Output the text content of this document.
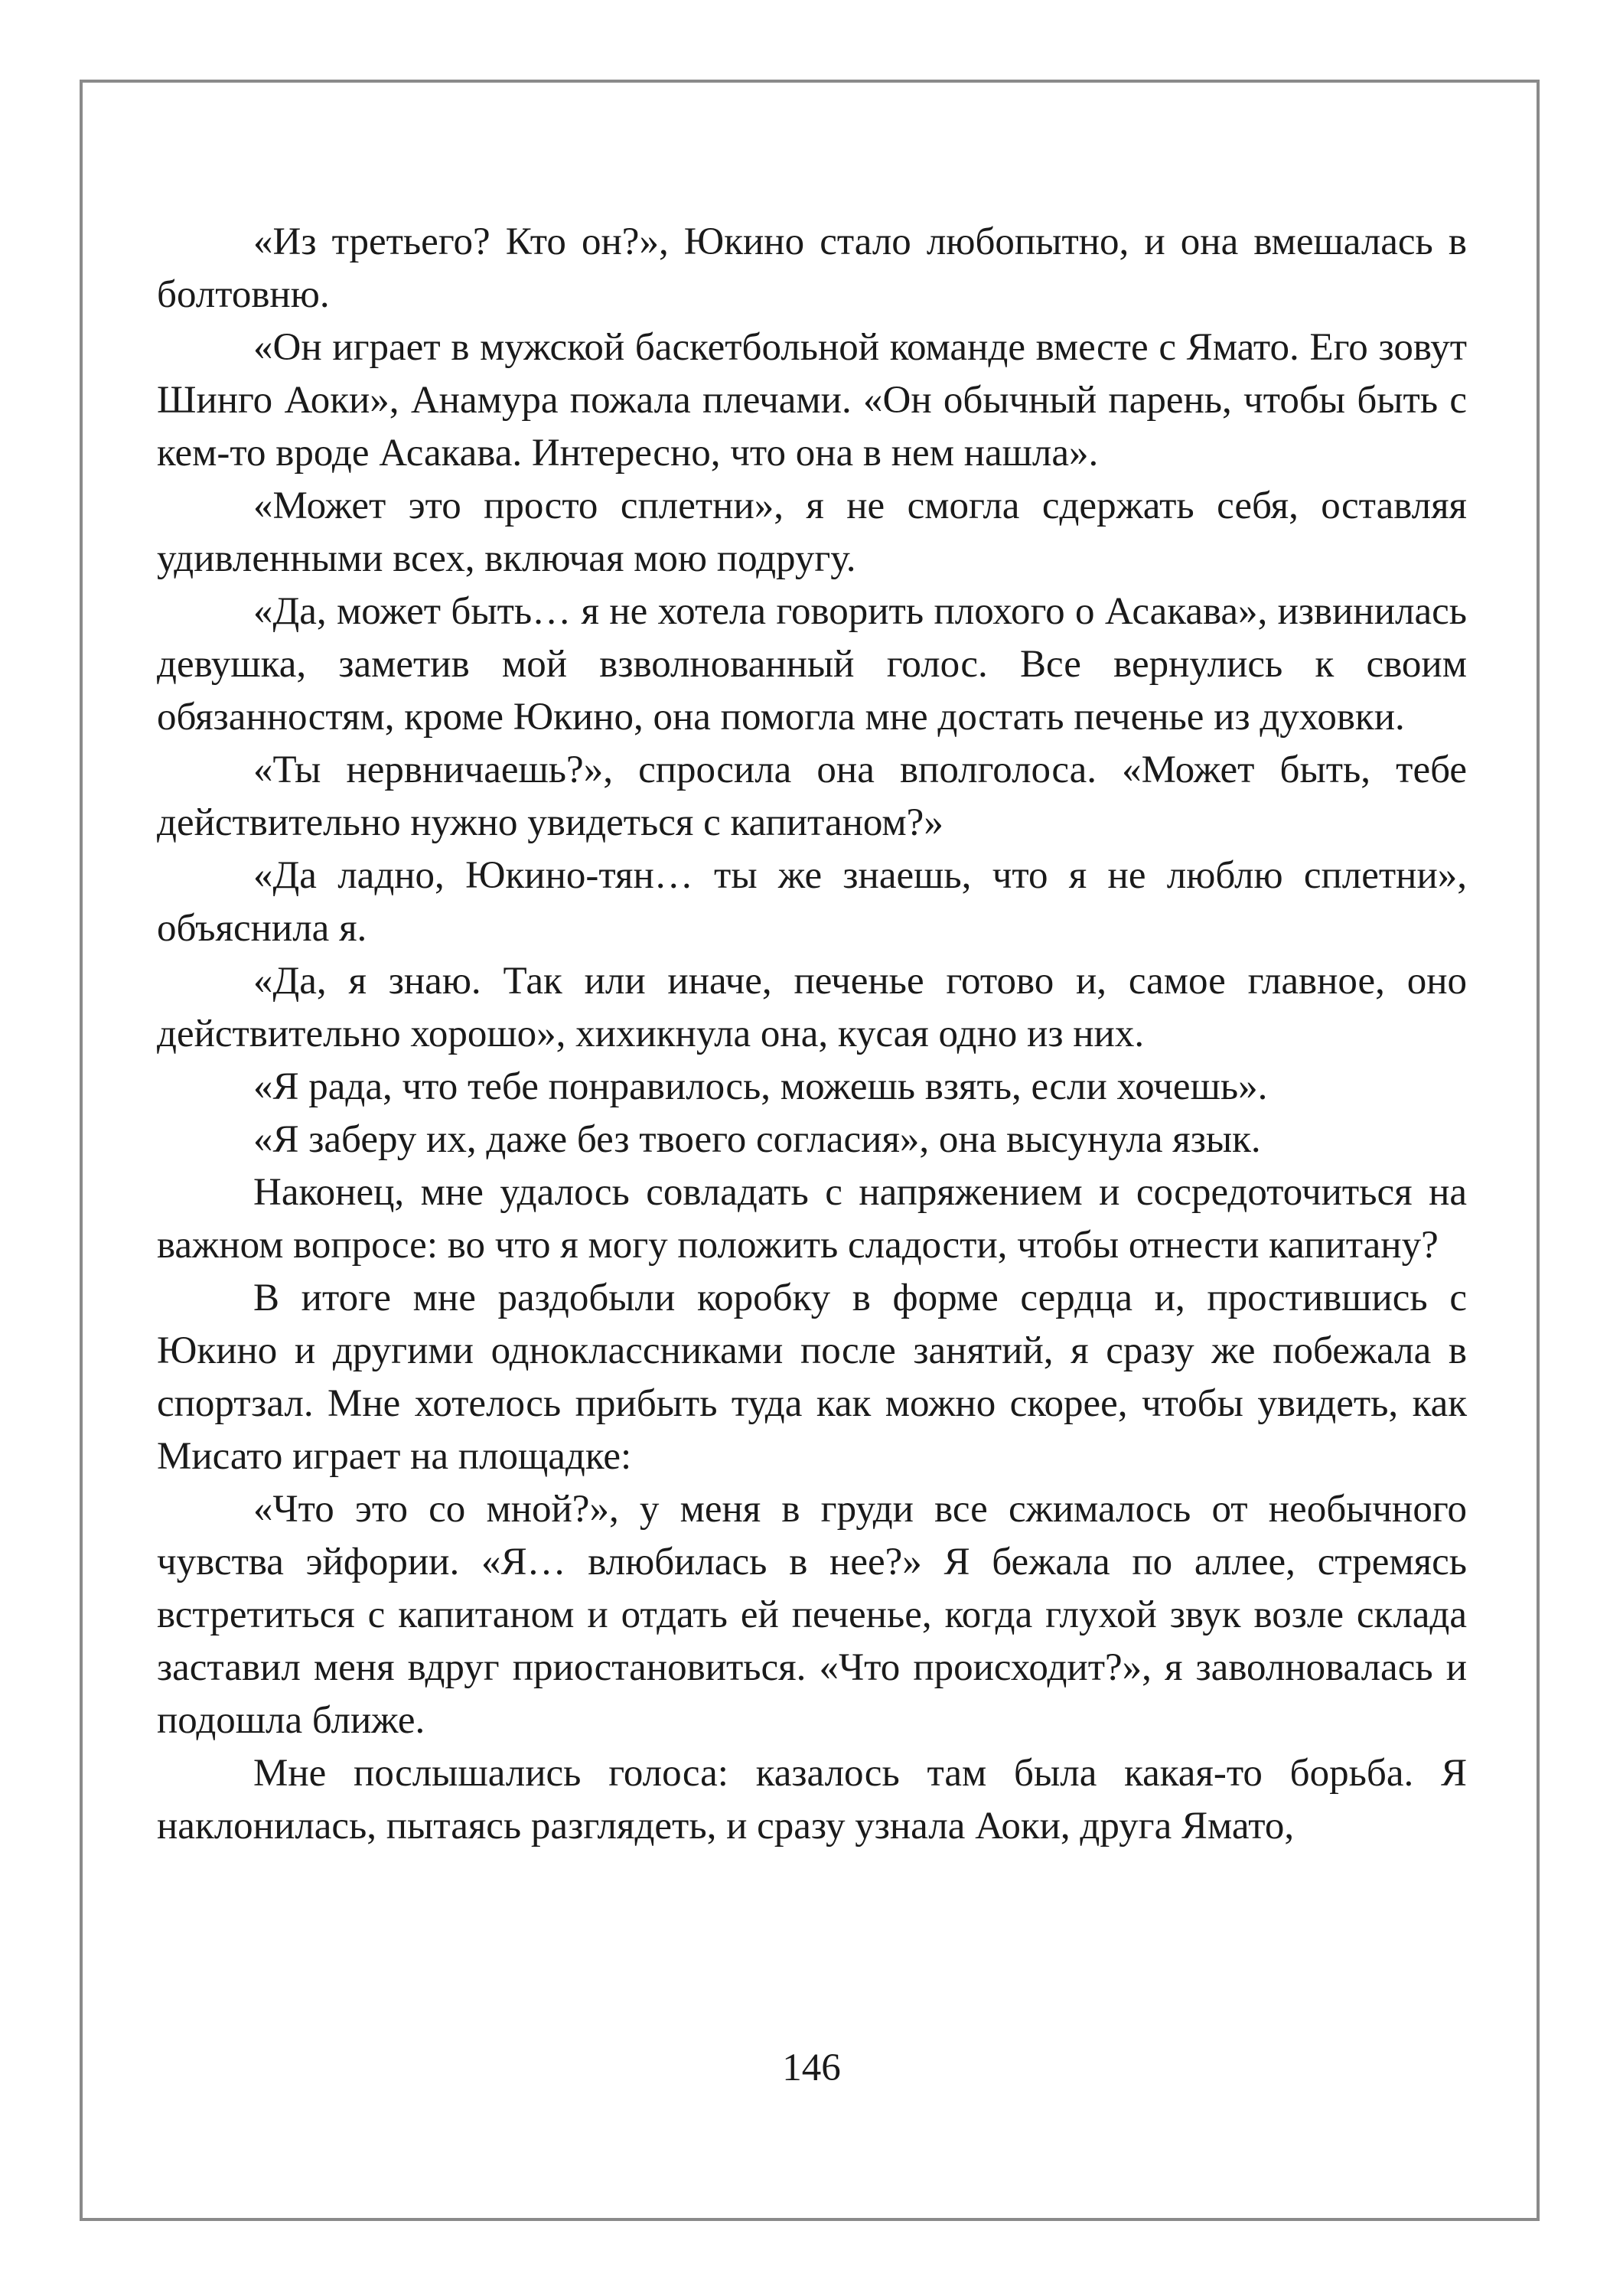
«Из третьего? Кто он?», Юкино стало любопытно, и она вмешалась в болтовню.

«Он играет в мужской баскетбольной команде вместе с Ямато. Его зовут Шинго Аоки», Анамура пожала плечами. «Он обычный парень, чтобы быть с кем-то вроде Асакава. Интересно, что она в нем нашла».

«Может это просто сплетни», я не смогла сдержать себя, оставляя удивленными всех, включая мою подругу.

«Да, может быть… я не хотела говорить плохого о Асакава», извинилась девушка, заметив мой взволнованный голос. Все вернулись к своим обязанностям, кроме Юкино, она помогла мне достать печенье из духовки.

«Ты нервничаешь?», спросила она вполголоса. «Может быть, тебе действительно нужно увидеться с капитаном?»

«Да ладно, Юкино-тян… ты же знаешь, что я не люблю сплетни», объяснила я.

«Да, я знаю. Так или иначе, печенье готово и, самое главное, оно действительно хорошо», хихикнула она, кусая одно из них.

«Я рада, что тебе понравилось, можешь взять, если хочешь».

«Я заберу их, даже без твоего согласия», она высунула язык.

Наконец, мне удалось совладать с напряжением и сосредоточиться на важном вопросе: во что я могу положить сладости, чтобы отнести капитану?

В итоге мне раздобыли коробку в форме сердца и, простившись с Юкино и другими одноклассниками после занятий, я сразу же побежала в спортзал. Мне хотелось прибыть туда как можно скорее, чтобы увидеть, как Мисато играет на площадке:

«Что это со мной?», у меня в груди все сжималось от необычного чувства эйфории. «Я… влюбилась в нее?» Я бежала по аллее, стремясь встретиться с капитаном и отдать ей печенье, когда глухой звук возле склада заставил меня вдруг приостановиться. «Что происходит?», я заволновалась и подошла ближе.

Мне послышались голоса: казалось там была какая-то борьба. Я наклонилась, пытаясь разглядеть, и сразу узнала Аоки, друга Ямато,

146
